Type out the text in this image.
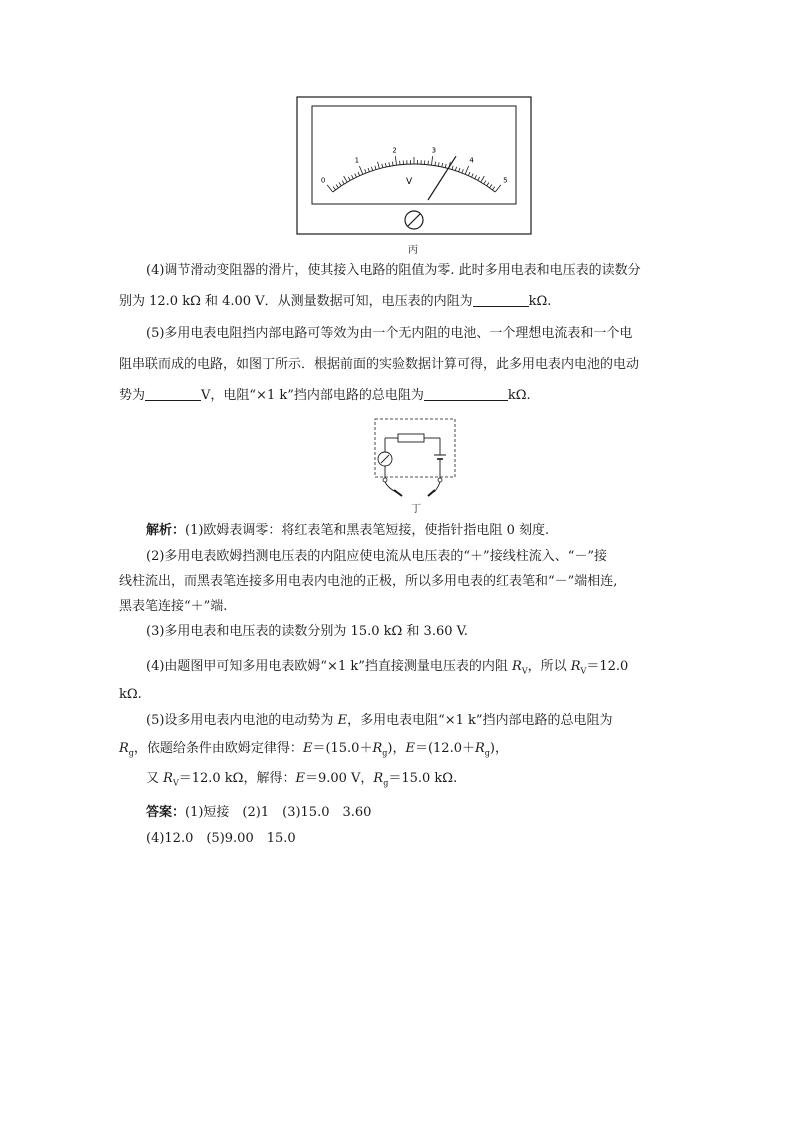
0
1
2	3
4
5
V
丙
(4)调节滑动变阻器的滑片，使其接入电路的阻值为零. 此时多用电表和电压表的读数分
别为 12.0 kΩ 和 4.00 V．从测量数据可知，电压表的内阻为	kΩ.
(5)多用电表电阻挡内部电路可等效为由一个无内阻的电池、一个理想电流表和一个电
阻串联而成的电路，如图丁所示．根据前面的实验数据计算可得，此多用电表内电池的电动
势为	V，电阻“×1 k”挡内部电路的总电阻为	kΩ.
丁
解析：(1)欧姆表调零：将红表笔和黑表笔短接，使指针指电阻 0 刻度.
(2)多用电表欧姆挡测电压表的内阻应使电流从电压表的“＋”接线柱流入、“－”接
线柱流出，而黑表笔连接多用电表内电池的正极，所以多用电表的红表笔和“－”端相连,
黑表笔连接“＋”端.
(3)多用电表和电压表的读数分别为 15.0 kΩ 和 3.60 V.
(4)由题图甲可知多用电表欧姆“×1 k”挡直接测量电压表的内阻 $R_V$，所以 $R_V=12.0$
kΩ.
(5)设多用电表内电池的电动势为 E，多用电表电阻“×1 k”挡内部电路的总电阻为
$R_g$，依题给条件由欧姆定律得：$E=(15.0+R_g)$，$E=(12.0+R_g)$，
又 $R_V=12.0$ kΩ，解得：E＝9.00 V，$R_g=15.0$ kΩ.
答案：(1)短接　(2)1　(3)15.0　3.60
(4)12.0　(5)9.00　15.0
